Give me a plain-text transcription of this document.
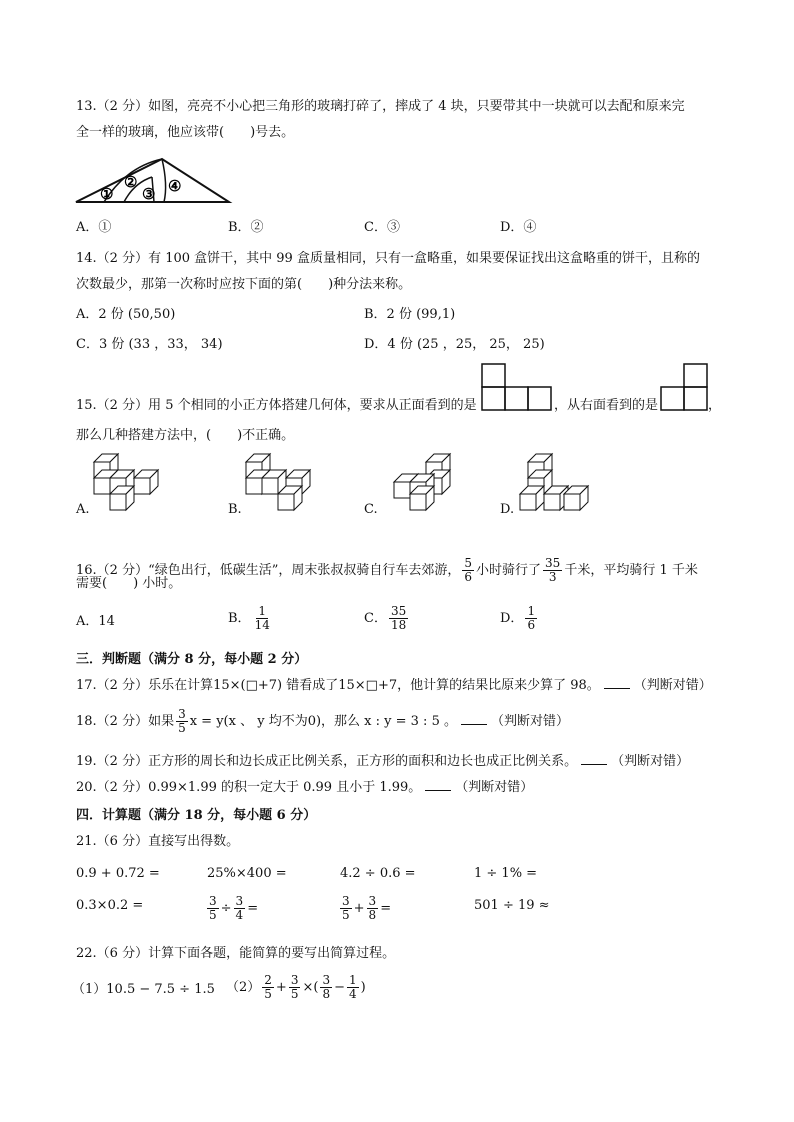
13.（2 分）如图，亮亮不小心把三角形的玻璃打碎了，摔成了 4 块，只要带其中一块就可以去配和原来完
全一样的玻璃，他应该带(　　)号去。
①
②
③ ④
A．①	B．②	C．③	D．④
14.（2 分）有 100 盒饼干，其中 99 盒质量相同，只有一盒略重，如果要保证找出这盒略重的饼干，且称的
次数最少，那第一次称时应按下面的第(　　)种分法来称。
A．2 份 (50,50)	B．2 份 (99,1)
C．3 份 (33 ，33， 34)	D．4 份 (25 ，25， 25， 25)
15.（2 分）用 5 个相同的小正方体搭建几何体，要求从正面看到的是	，从右面看到的是	，
那么几种搭建方法中，(　　)不正确。
A.	B.	C.	D.
16.（2 分）“绿色出行，低碳生活”，周末张叔叔骑自行车去郊游， $\frac{5}{6}$ 小时骑行了 $\frac{35}{3}$ 千米，平均骑行 1 千米
需要(　　) 小时。
A．14	B． $\frac{1}{14}$	C． $\frac{35}{18}$	D． $\frac{1}{6}$
三．判断题（满分 8 分，每小题 2 分）
17.（2 分）乐乐在计算15×(□+7) 错看成了15×□+7，他计算的结果比原来少算了 98。	（判断对错）
18.（2 分）如果 $\frac{3}{5}$ x = y(x 、 y 均不为0)，那么 x : y = 3 : 5 。	（判断对错）
19.（2 分）正方形的周长和边长成正比例关系，正方形的面积和边长也成正比例关系。	（判断对错）
20.（2 分）0.99×1.99 的积一定大于 0.99 且小于 1.99。	（判断对错）
四．计算题（满分 18 分，每小题 6 分）
21.（6 分）直接写出得数。
0.9 + 0.72 =	25%×400 =	4.2 ÷ 0.6 =	1 ÷ 1% =
0.3×0.2 =	$\frac{3}{5} \div \frac{3}{4}$ =	$\frac{3}{5} + \frac{3}{8}$ =	501 ÷ 19 ≈
22.（6 分）计算下面各题，能简算的要写出简算过程。
（1）10.5 − 7.5 ÷ 1.5 $(2) \frac{2}{5} + \frac{3}{5}$ ×( $\frac{3}{8} - \frac{1}{4}$ )
